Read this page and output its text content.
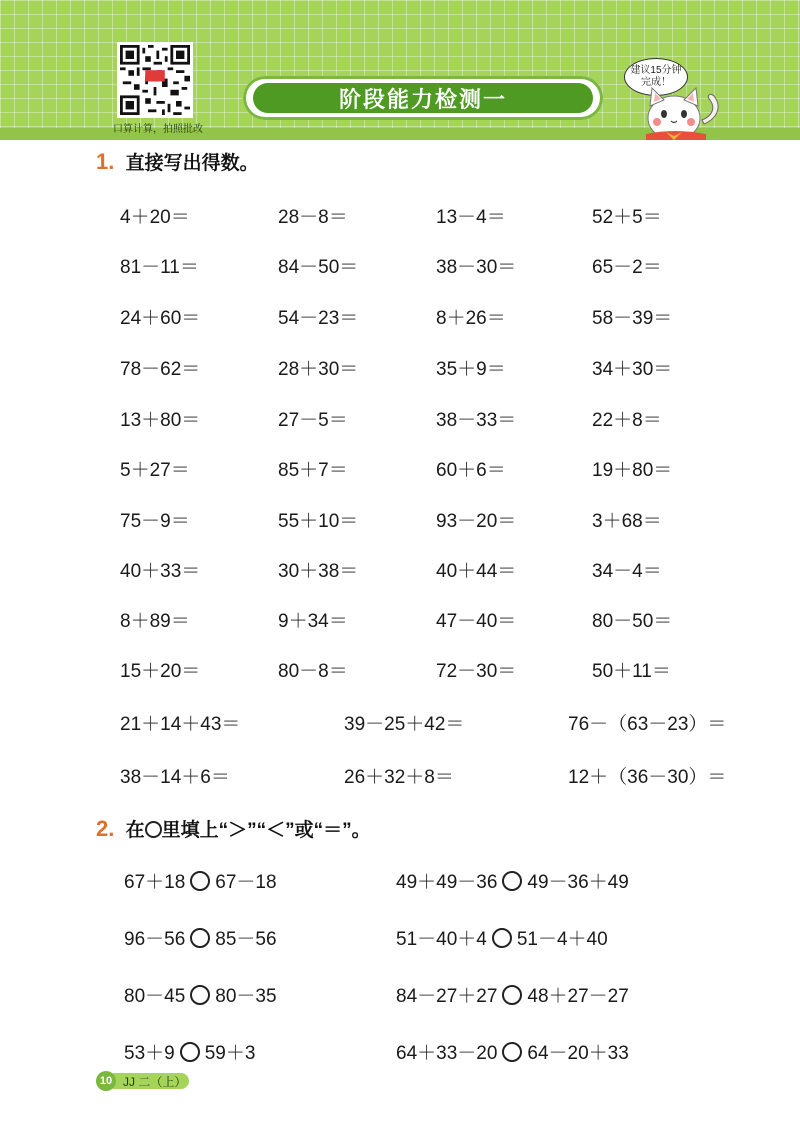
口算计算，拍照批改
阶段能力检测一
建议15分钟
完成！
1. 直接写出得数。
4＋20＝	28－8＝	13－4＝	52＋5＝
81－11＝	84－50＝	38－30＝	65－2＝
24＋60＝	54－23＝	8＋26＝	58－39＝
78－62＝	28＋30＝	35＋9＝	34＋30＝
13＋80＝	27－5＝	38－33＝	22＋8＝
5＋27＝	85＋7＝	60＋6＝	19＋80＝
75－9＝	55＋10＝	93－20＝	3＋68＝
40＋33＝	30＋38＝	40＋44＝	34－4＝
8＋89＝	9＋34＝	47－40＝	80－50＝
15＋20＝	80－8＝	72－30＝	50＋11＝
21＋14＋43＝	39－25＋42＝	76－（63－23）＝
38－14＋6＝	26＋32＋8＝	12＋（36－30）＝
2. 在 里填上“＞”“＜”或“＝”。
67＋18 67－18	49＋49－36 49－36＋49
96－56 85－56	51－40＋4 51－4＋40
80－45 80－35	84－27＋27 48＋27－27
53＋9 59＋3	64＋33－20 64－20＋33
JJ 二（上）
10
